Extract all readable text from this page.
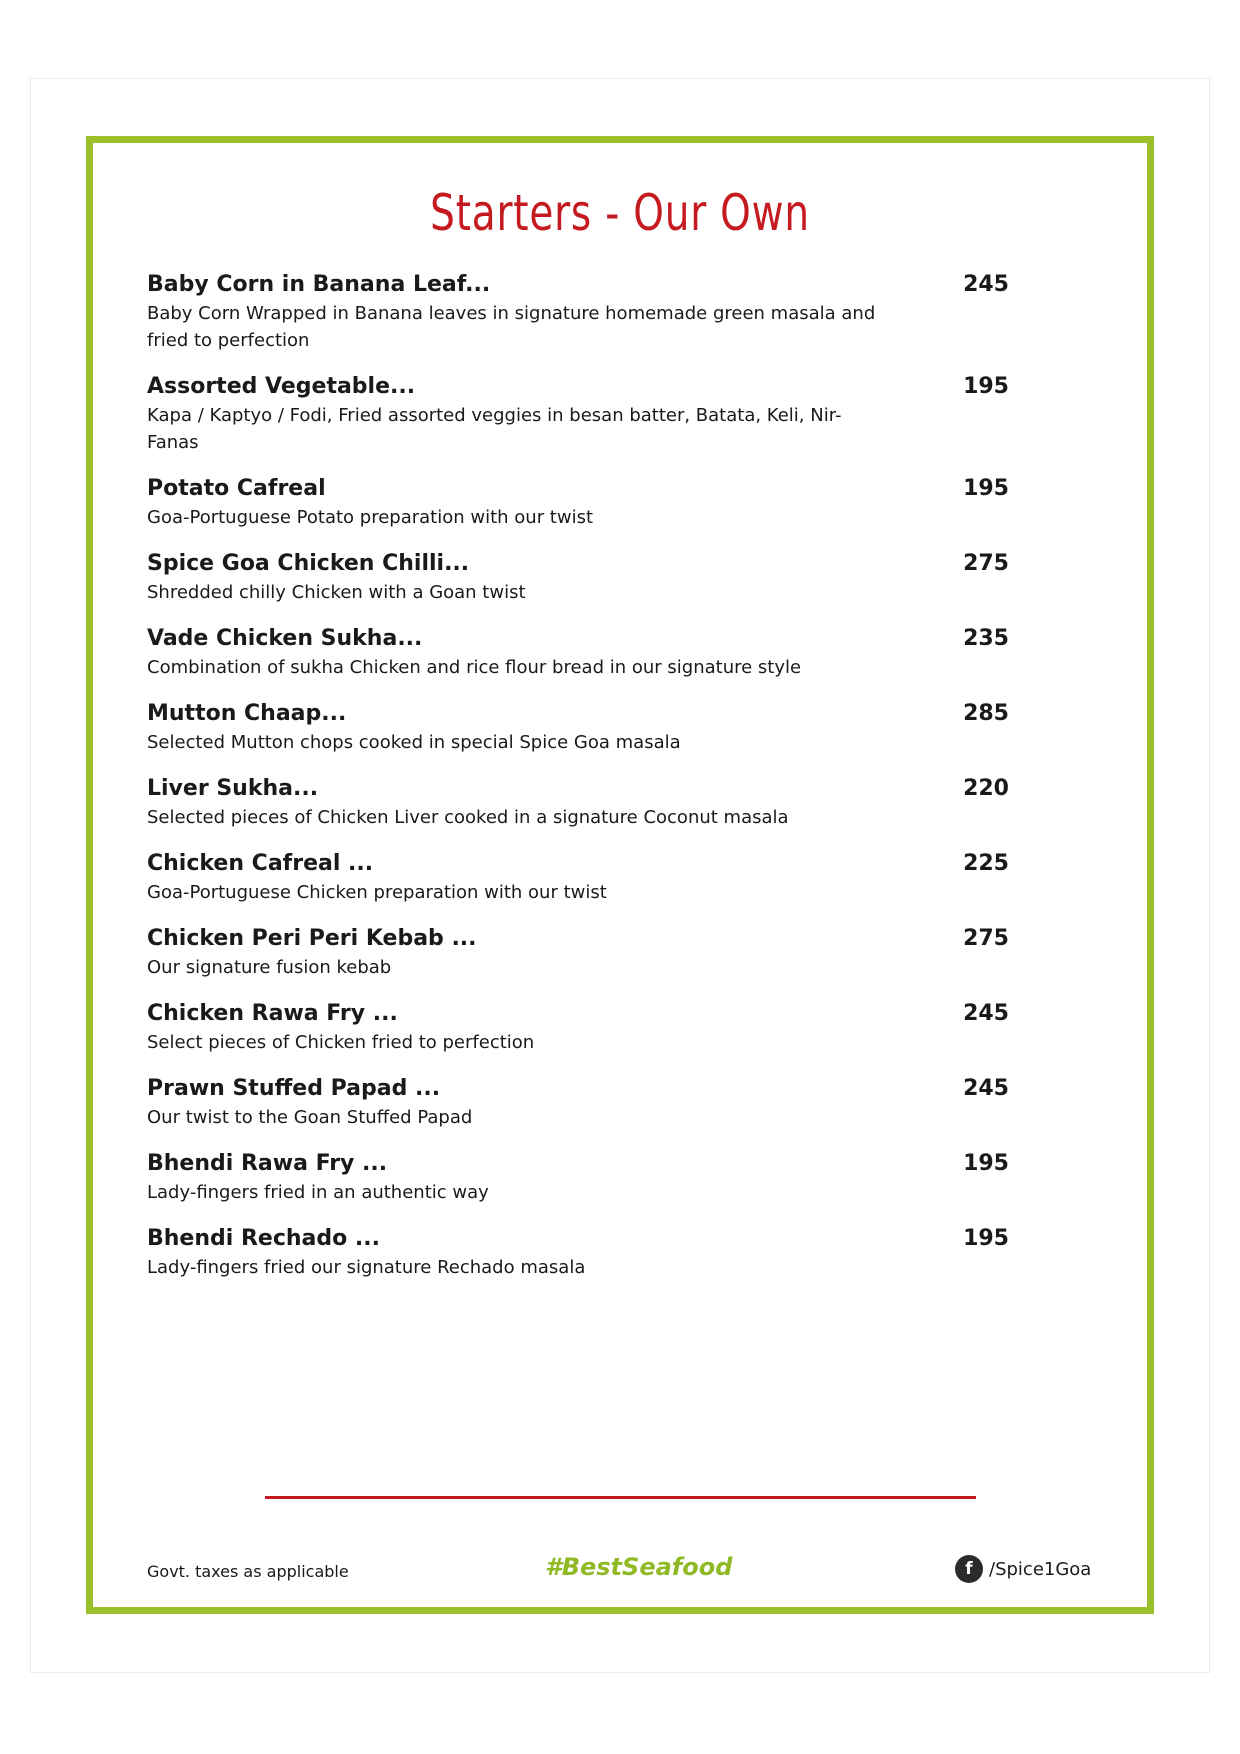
Starters - Our Own
Baby Corn in Banana Leaf...
Baby Corn Wrapped in Banana leaves in signature homemade green masala and fried to perfection
245
Assorted Vegetable...
Kapa / Kaptyo / Fodi, Fried assorted veggies in besan batter, Batata, Keli, Nir-Fanas
195
Potato Cafreal
Goa-Portuguese Potato preparation with our twist
195
Spice Goa Chicken Chilli...
Shredded chilly Chicken with a Goan twist
275
Vade Chicken Sukha...
Combination of sukha Chicken and rice flour bread in our signature style
235
Mutton Chaap...
Selected Mutton chops cooked in special Spice Goa masala
285
Liver Sukha...
Selected pieces of Chicken Liver cooked in a signature Coconut masala
220
Chicken Cafreal ...
Goa-Portuguese Chicken preparation with our twist
225
Chicken Peri Peri Kebab ...
Our signature fusion kebab
275
Chicken Rawa Fry ...
Select pieces of Chicken fried to perfection
245
Prawn Stuffed Papad ...
Our twist to the Goan Stuffed Papad
245
Bhendi Rawa Fry ...
Lady-fingers fried in an authentic way
195
Bhendi Rechado ...
Lady-fingers fried our signature Rechado masala
195
Govt. taxes as applicable	#BestSeafood	f /Spice1Goa
